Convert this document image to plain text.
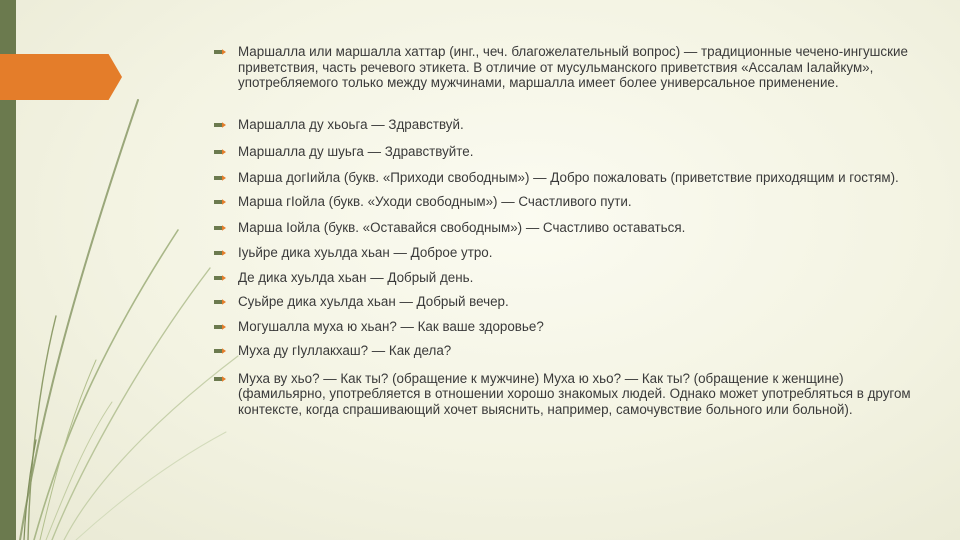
Маршалла или маршалла хаттар (инг., чеч. благожелательный вопрос) — традиционные чечено-ингушские приветствия, часть речевого этикета. В отличие от мусульманского приветствия «Ассалам Іалайкум», употребляемого только между мужчинами, маршалла имеет более универсальное применение.
Маршалла ду хьоьга — Здравствуй.
Маршалла ду шуьга — Здравствуйте.
Марша догІийла (букв. «Приходи свободным») — Добро пожаловать (приветствие приходящим и гостям).
Марша гІойла (букв. «Уходи свободным») — Счастливого пути.
Марша Іойла (букв. «Оставайся свободным») — Счастливо оставаться.
Іуьйре дика хуьлда хьан — Доброе утро.
Де дика хуьлда хьан — Добрый день.
Суьйре дика хуьлда хьан — Добрый вечер.
Могушалла муха ю хьан? — Как ваше здоровье?
Муха ду гІуллакхаш? — Как дела?
Муха ву хьо? — Как ты? (обращение к мужчине) Муха ю хьо? — Как ты? (обращение к женщине) (фамильярно, употребляется в отношении хорошо знакомых людей. Однако может употребляться в другом контексте, когда спрашивающий хочет выяснить, например, самочувствие больного или больной).
